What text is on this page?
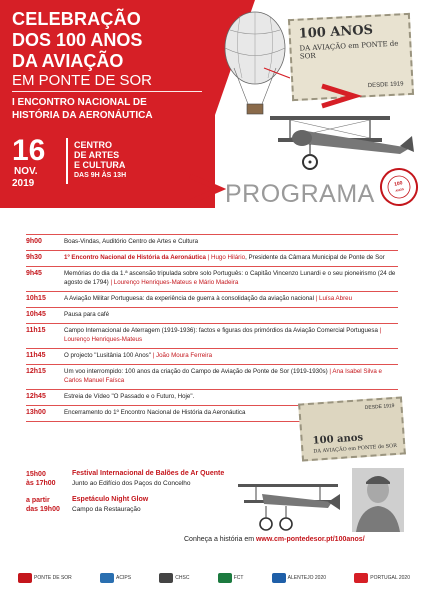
CELEBRAÇÃO
DOS 100 ANOS
DA AVIAÇÃO
EM PONTE DE SOR
I ENCONTRO NACIONAL DE
HISTÓRIA DA AERONÁUTICA
16
NOV.
2019
CENTRO
DE ARTES
E CULTURA
DAS 9H ÀS 13H
100 ANOS
DA AVIAÇÃO em PONTE de SOR
DESDE 1919
100
ANOS
PROGRAMA
9h00	Boas-Vindas, Auditório Centro de Artes e Cultura
9h30	1º Encontro Nacional de História da Aeronáutica | Hugo Hilário, Presidente da Câmara Municipal de Ponte de Sor
9h45	Memórias do dia da 1.ª ascensão tripulada sobre solo Português: o Capitão Vincenzo Lunardi e o seu pioneirismo (24 de agosto de 1794) | Lourenço Henriques-Mateus e Mário Madeira
10h15	A Aviação Militar Portuguesa: da experiência de guerra à consolidação da aviação nacional | Luísa Abreu
10h45	Pausa para café
11h15	Campo Internacional de Aterragem (1919-1936): factos e figuras dos primórdios da Aviação Comercial Portuguesa | Lourenço Henriques-Mateus
11h45	O projecto "Lusitânia 100 Anos" | João Moura Ferreira
12h15	Um voo interrompido: 100 anos da criação do Campo de Aviação de Ponte de Sor (1919-1930s) | Ana Isabel Silva e Carlos Manuel Faísca
12h45	Estreia de Vídeo "O Passado e o Futuro, Hoje".
13h00	Encerramento do 1º Encontro Nacional de História da Aeronáutica
DESDE 1919
100 anos
DA AVIAÇÃO em PONTE de SOR
15h00
às 17h00
Festival Internacional de Balões de Ar Quente
Junto ao Edifício dos Paços do Concelho
a partir
das 19h00
Espetáculo Night Glow
Campo da Restauração
Conheça a história em www.cm-pontedesor.pt/100anos/
PONTE DE SOR	ACIPS	CHSC	FCT	ALENTEJO 2020	PORTUGAL 2020
